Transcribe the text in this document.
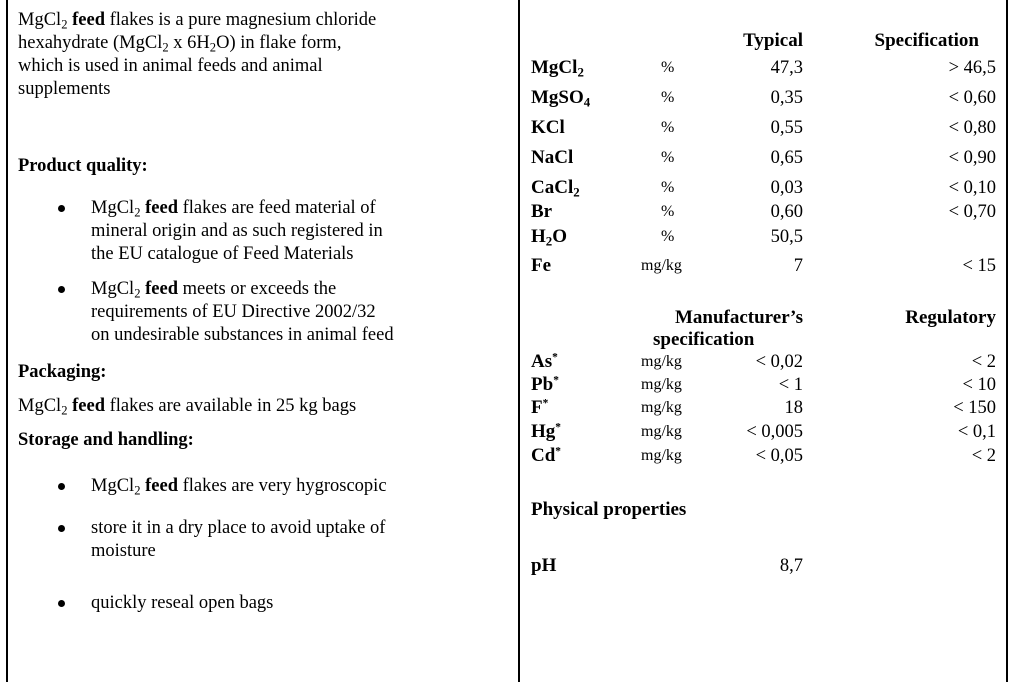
MgCl$_2$ feed flakes is a pure magnesium chloride
hexahydrate (MgCl$_2$ x $6H_2O$) in flake form,
which is used in animal feeds and animal
supplements
Product quality:
MgCl$_2$ feed flakes are feed material of
mineral origin and as such registered in
the EU catalogue of Feed Materials
MgCl$_2$ feed meets or exceeds the
requirements of EU Directive 2002/32
on undesirable substances in animal feed
Packaging:
MgCl$_2$ feed flakes are available in 25 kg bags
Storage and handling:
MgCl$_2$ feed flakes are very hygroscopic
store it in a dry place to avoid uptake of
moisture
quickly reseal open bags
Typical	Specification
MgCl$_2$	%	47,3	> 46,5
MgSO$_4$	%	0,35	< 0,60
KCl	%	0,55	< 0,80
NaCl	%	0,65	< 0,90
CaCl$_2$	%	0,03	< 0,10
Br	%	0,60	< 0,70
$H_2O$	%	50,5
Fe	mg/kg	7	< 15
Manufacturer’s	Regulatory
specification
As*	mg/kg	< 0,02	< 2
Pb*	mg/kg	< 1	< 10
F*	mg/kg	18	< 150
Hg*	mg/kg	< 0,005	< 0,1
Cd*	mg/kg	< 0,05	< 2
Physical properties
pH	8,7
